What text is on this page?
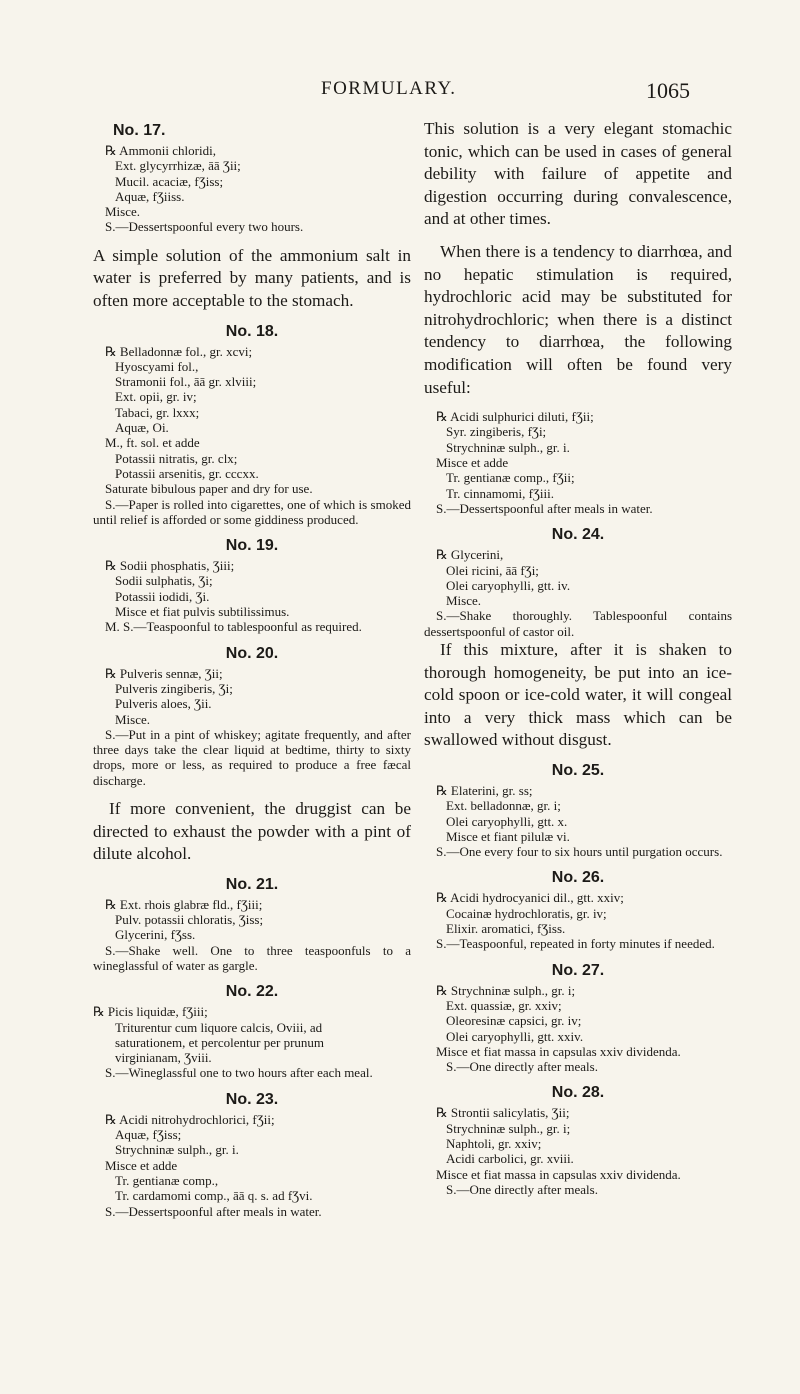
FORMULARY.	1065
No. 17.
℞ Ammonii chloridi,
Ext. glycyrrhizæ, āā Ʒii;
Mucil. acaciæ, fƷiss;
Aquæ, fƷiiss.
Misce.
S.—Dessertspoonful every two hours.

A simple solution of the ammonium salt in water is preferred by many patients, and is often more acceptable to the stomach.

No. 18.
℞ Belladonnæ fol., gr. xcvi;
Hyoscyami fol.,
Stramonii fol., āā gr. xlviii;
Ext. opii, gr. iv;
Tabaci, gr. lxxx;
Aquæ, Oi.
M., ft. sol. et adde
Potassii nitratis, gr. clx;
Potassii arsenitis, gr. cccxx.
Saturate bibulous paper and dry for use.
S.—Paper is rolled into cigarettes, one of which is smoked until relief is afforded or some giddiness produced.
No. 19.
℞ Sodii phosphatis, Ʒiii;
Sodii sulphatis, Ʒi;
Potassii iodidi, Ʒi.
Misce et fiat pulvis subtilissimus.
M. S.—Teaspoonful to tablespoonful as required.
No. 20.
℞ Pulveris sennæ, Ʒii;
Pulveris zingiberis, Ʒi;
Pulveris aloes, Ʒii.
Misce.
S.—Put in a pint of whiskey; agitate frequently, and after three days take the clear liquid at bedtime, thirty to sixty drops, more or less, as required to produce a free fæcal discharge.

If more convenient, the druggist can be directed to exhaust the powder with a pint of dilute alcohol.

No. 21.
℞ Ext. rhois glabræ fld., fƷiii;
Pulv. potassii chloratis, Ʒiss;
Glycerini, fƷss.
S.—Shake well. One to three teaspoonfuls to a wineglassful of water as gargle.
No. 22.
℞ Picis liquidæ, fƷiii;
Triturentur cum liquore calcis, Oviii, ad
saturationem, et percolentur per prunum
virginianam, Ʒviii.
S.—Wineglassful one to two hours after each meal.
No. 23.
℞ Acidi nitrohydrochlorici, fƷii;
Aquæ, fƷiss;
Strychninæ sulph., gr. i.
Misce et adde
Tr. gentianæ comp.,
Tr. cardamomi comp., āā q. s. ad fƷvi.
S.—Dessertspoonful after meals in water.

This solution is a very elegant stomachic tonic, which can be used in cases of general debility with failure of appetite and digestion occurring during convalescence, and at other times.

When there is a tendency to diarrhœa, and no hepatic stimulation is required, hydrochloric acid may be substituted for nitrohydrochloric; when there is a distinct tendency to diarrhœa, the following modification will often be found very useful:

℞ Acidi sulphurici diluti, fƷii;
Syr. zingiberis, fƷi;
Strychninæ sulph., gr. i.
Misce et adde
Tr. gentianæ comp., fƷii;
Tr. cinnamomi, fƷiii.
S.—Dessertspoonful after meals in water.
No. 24.
℞ Glycerini,
Olei ricini, āā fƷi;
Olei caryophylli, gtt. iv.
Misce.
S.—Shake thoroughly. Tablespoonful contains dessertspoonful of castor oil.

If this mixture, after it is shaken to thorough homogeneity, be put into an ice-cold spoon or ice-cold water, it will congeal into a very thick mass which can be swallowed without disgust.

No. 25.
℞ Elaterini, gr. ss;
Ext. belladonnæ, gr. i;
Olei caryophylli, gtt. x.
Misce et fiant pilulæ vi.
S.—One every four to six hours until purgation occurs.
No. 26.
℞ Acidi hydrocyanici dil., gtt. xxiv;
Cocainæ hydrochloratis, gr. iv;
Elixir. aromatici, fƷiss.
S.—Teaspoonful, repeated in forty minutes if needed.
No. 27.
℞ Strychninæ sulph., gr. i;
Ext. quassiæ, gr. xxiv;
Oleoresinæ capsici, gr. iv;
Olei caryophylli, gtt. xxiv.
Misce et fiat massa in capsulas xxiv dividenda.
S.—One directly after meals.
No. 28.
℞ Strontii salicylatis, Ʒii;
Strychninæ sulph., gr. i;
Naphtoli, gr. xxiv;
Acidi carbolici, gr. xviii.
Misce et fiat massa in capsulas xxiv dividenda.
S.—One directly after meals.
